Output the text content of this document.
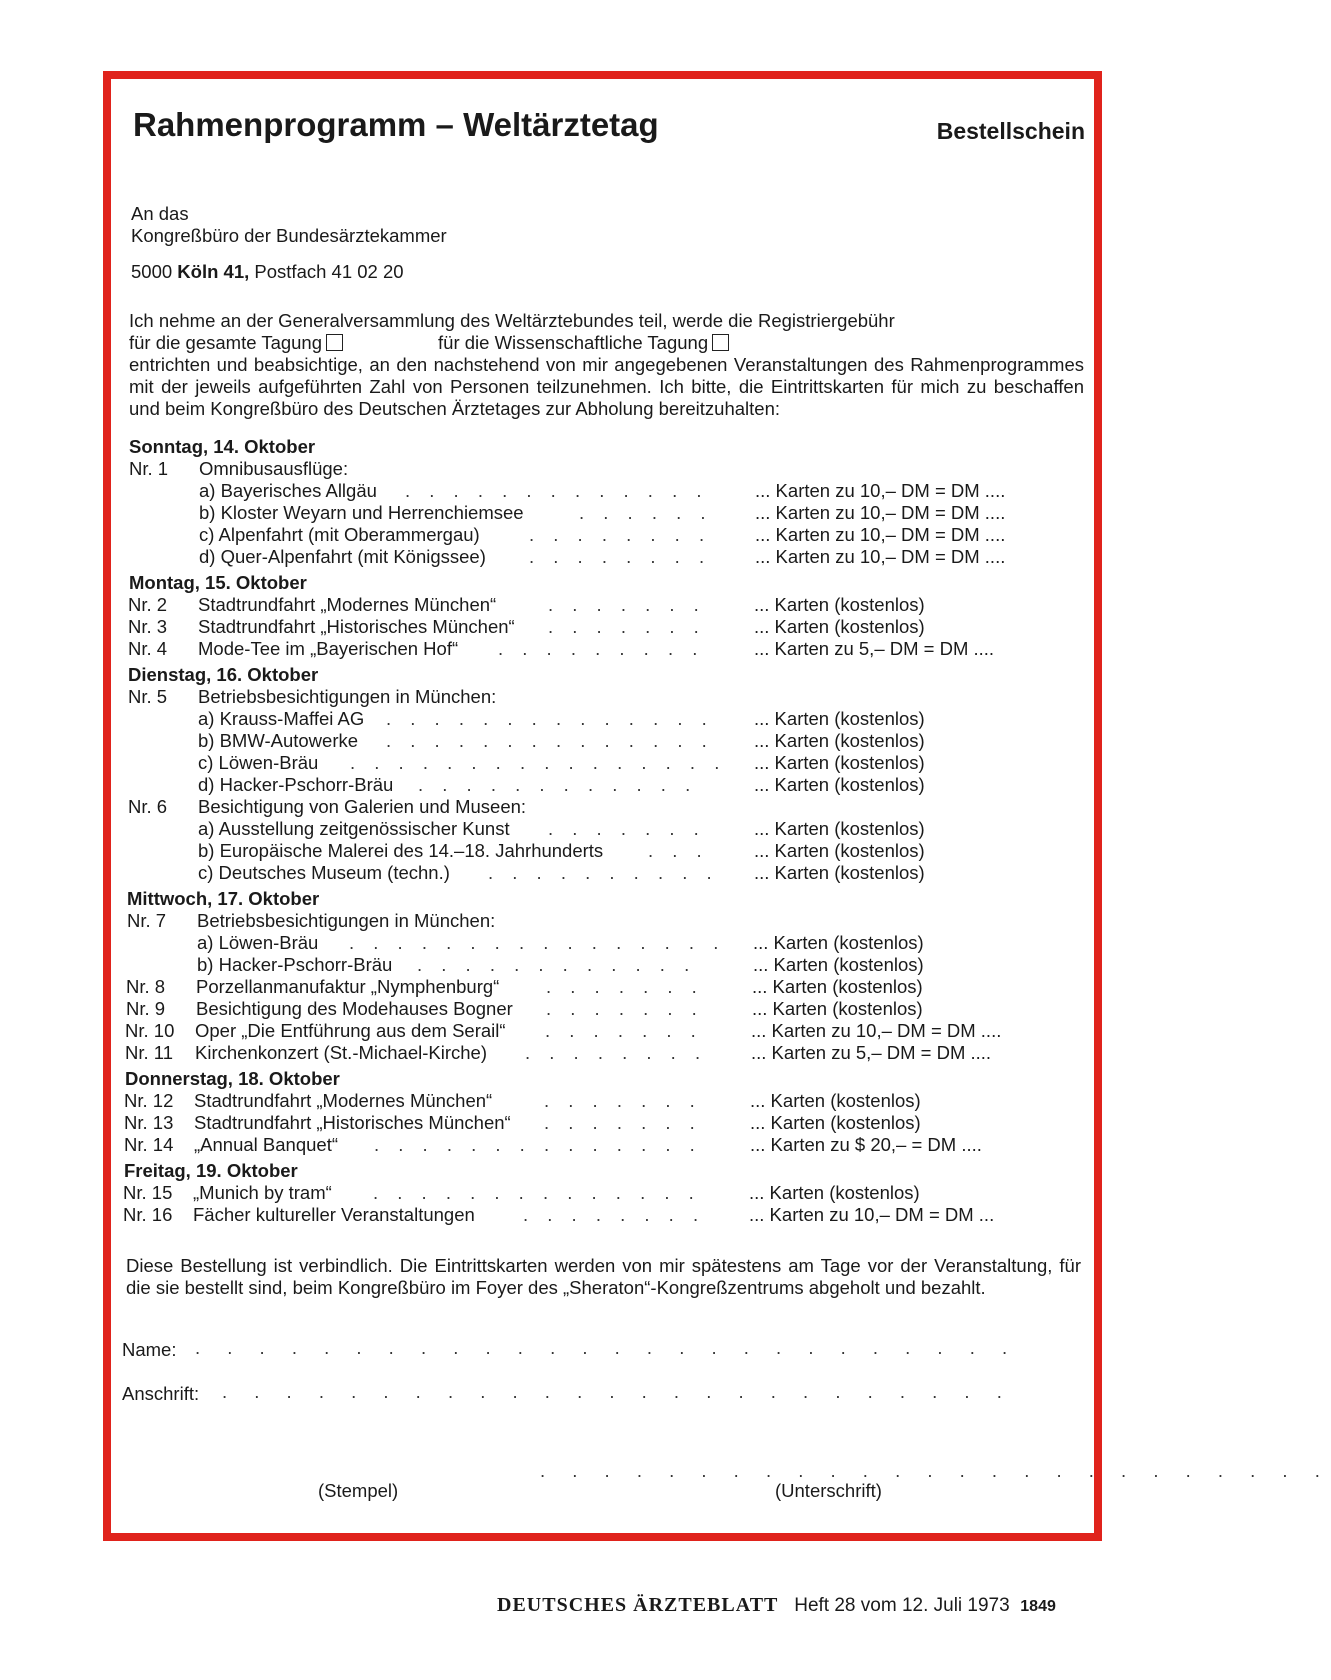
Rahmenprogramm – Weltärztetag	Bestellschein
An das
Kongreßbüro der Bundesärztekammer
5000 Köln 41, Postfach 41 02 20

Ich nehme an der Generalversammlung des Weltärztebundes teil, werde die Registriergebühr

für die gesamte Tagung	für die Wissenschaftliche Tagung

entrichten und beabsichtige, an den nachstehend von mir angegebenen Veranstaltungen des Rahmenprogrammes mit der jeweils aufgeführten Zahl von Personen teilzunehmen. Ich bitte, die Eintrittskarten für mich zu beschaffen und beim Kongreßbüro des Deutschen Ärztetages zur Abholung bereitzuhalten:

Sonntag, 14. Oktober
Nr. 1 Omnibusausflüge:
a) Bayerisches Allgäu . . . . . . . . . . . . .	... Karten zu 10,– DM = DM ....
b) Kloster Weyarn und Herrenchiemsee	. . . . . . ... Karten zu 10,– DM = DM ....
c) Alpenfahrt (mit Oberammergau)	. . . . . . . . ... Karten zu 10,– DM = DM ....
d) Quer-Alpenfahrt (mit Königssee) . . . . . . . . ... Karten zu 10,– DM = DM ....
Montag, 15. Oktober
Nr. 2 Stadtrundfahrt „Modernes München“	. . . . . . .	... Karten (kostenlos)
Nr. 3 Stadtrundfahrt „Historisches München“ . . . . . . .	... Karten (kostenlos)
Nr. 4 Mode-Tee im „Bayerischen Hof“ . . . . . . . . .	... Karten zu 5,– DM = DM ....
Dienstag, 16. Oktober
Nr. 5 Betriebsbesichtigungen in München:
a) Krauss-Maffei AG . . . . . . . . . . . . . . ... Karten (kostenlos)
b) BMW-Autowerke . . . . . . . . . . . . . . ... Karten (kostenlos)
c) Löwen-Bräu . . . . . . . . . . . . . . . . ... Karten (kostenlos)
d) Hacker-Pschorr-Bräu . . . . . . . . . . . .	... Karten (kostenlos)
Nr. 6 Besichtigung von Galerien und Museen:
a) Ausstellung zeitgenössischer Kunst . . . . . . .	... Karten (kostenlos)
b) Europäische Malerei des 14.–18. Jahrhunderts . . . ... Karten (kostenlos)
c) Deutsches Museum (techn.) . . . . . . . . . . ... Karten (kostenlos)
Mittwoch, 17. Oktober
Nr. 7 Betriebsbesichtigungen in München:
a) Löwen-Bräu . . . . . . . . . . . . . . . . ... Karten (kostenlos)
b) Hacker-Pschorr-Bräu . . . . . . . . . . . .	... Karten (kostenlos)
Nr. 8 Porzellanmanufaktur „Nymphenburg“	. . . . . . .	... Karten (kostenlos)
Nr. 9 Besichtigung des Modehauses Bogner . . . . . . .	... Karten (kostenlos)
Nr. 10 Oper „Die Entführung aus dem Serail“ . . . . . . .	... Karten zu 10,– DM = DM ....
Nr. 11 Kirchenkonzert (St.-Michael-Kirche) . . . . . . . . ... Karten zu 5,– DM = DM ....
Donnerstag, 18. Oktober
Nr. 12 Stadtrundfahrt „Modernes München“	. . . . . . .	... Karten (kostenlos)
Nr. 13 Stadtrundfahrt „Historisches München“ . . . . . . .	... Karten (kostenlos)
Nr. 14 „Annual Banquet“ . . . . . . . . . . . . . .	... Karten zu $ 20,– = DM ....
Freitag, 19. Oktober
Nr. 15 „Munich by tram“ . . . . . . . . . . . . . .	... Karten (kostenlos)
Nr. 16 Fächer kultureller Veranstaltungen	. . . . . . . . ... Karten zu 10,– DM = DM ...

Diese Bestellung ist verbindlich. Die Eintrittskarten werden von mir spätestens am Tage vor der Veranstaltung, für die sie bestellt sind, beim Kongreßbüro im Foyer des „Sheraton“-Kongreßzentrums abgeholt und bezahlt.

Name: . . . . . . . . . . . . . . . . . . . . . . . . . .
Anschrift: . . . . . . . . . . . . . . . . . . . . . . . . .
. . . . . . . . . . . . . . . . . . . . . . . . .
(Stempel)	(Unterschrift)
DEUTSCHES ÄRZTEBLATT Heft 28 vom 12. Juli 1973 1849
